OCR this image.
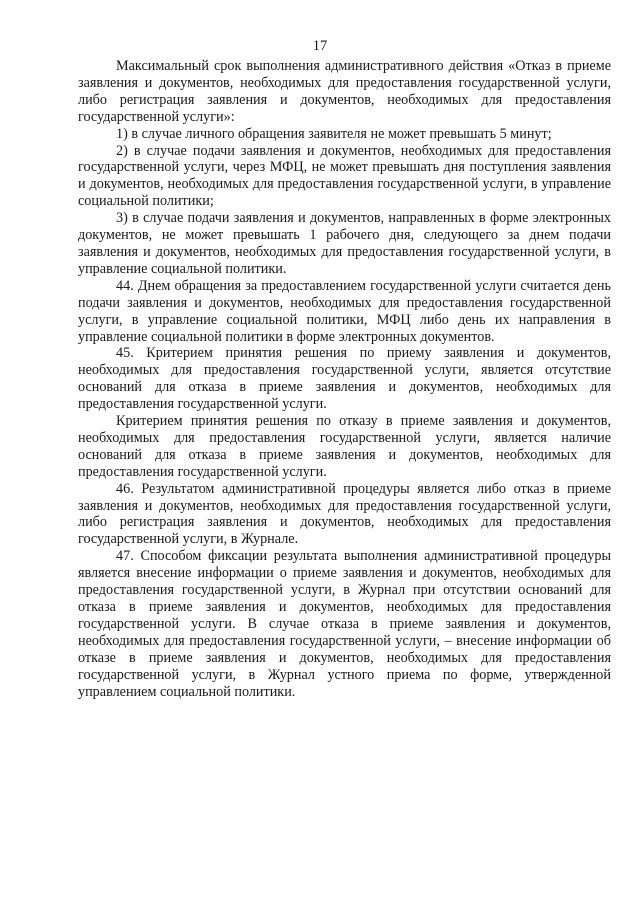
17

Максимальный срок выполнения административного действия «Отказ в приеме заявления и документов, необходимых для предоставления государственной услуги, либо регистрация заявления и документов, необходимых для предоставления государственной услуги»:

1) в случае личного обращения заявителя не может превышать 5 минут;

2) в случае подачи заявления и документов, необходимых для предоставления государственной услуги, через МФЦ, не может превышать дня поступления заявления и документов, необходимых для предоставления государственной услуги, в управление социальной политики;

3) в случае подачи заявления и документов, направленных в форме электронных документов, не может превышать 1 рабочего дня, следующего за днем подачи заявления и документов, необходимых для предоставления государственной услуги, в управление социальной политики.

44. Днем обращения за предоставлением государственной услуги считается день подачи заявления и документов, необходимых для предоставления государственной услуги, в управление социальной политики, МФЦ либо день их направления в управление социальной политики в форме электронных документов.

45. Критерием принятия решения по приему заявления и документов, необходимых для предоставления государственной услуги, является отсутствие оснований для отказа в приеме заявления и документов, необходимых для предоставления государственной услуги.

Критерием принятия решения по отказу в приеме заявления и документов, необходимых для предоставления государственной услуги, является наличие оснований для отказа в приеме заявления и документов, необходимых для предоставления государственной услуги.

46. Результатом административной процедуры является либо отказ в приеме заявления и документов, необходимых для предоставления государственной услуги, либо регистрация заявления и документов, необходимых для предоставления государственной услуги, в Журнале.

47. Способом фиксации результата выполнения административной процедуры является внесение информации о приеме заявления и документов, необходимых для предоставления государственной услуги, в Журнал при отсутствии оснований для отказа в приеме заявления и документов, необходимых для предоставления государственной услуги. В случае отказа в приеме заявления и документов, необходимых для предоставления государственной услуги, – внесение информации об отказе в приеме заявления и документов, необходимых для предоставления государственной услуги, в Журнал устного приема по форме, утвержденной управлением социальной политики.
